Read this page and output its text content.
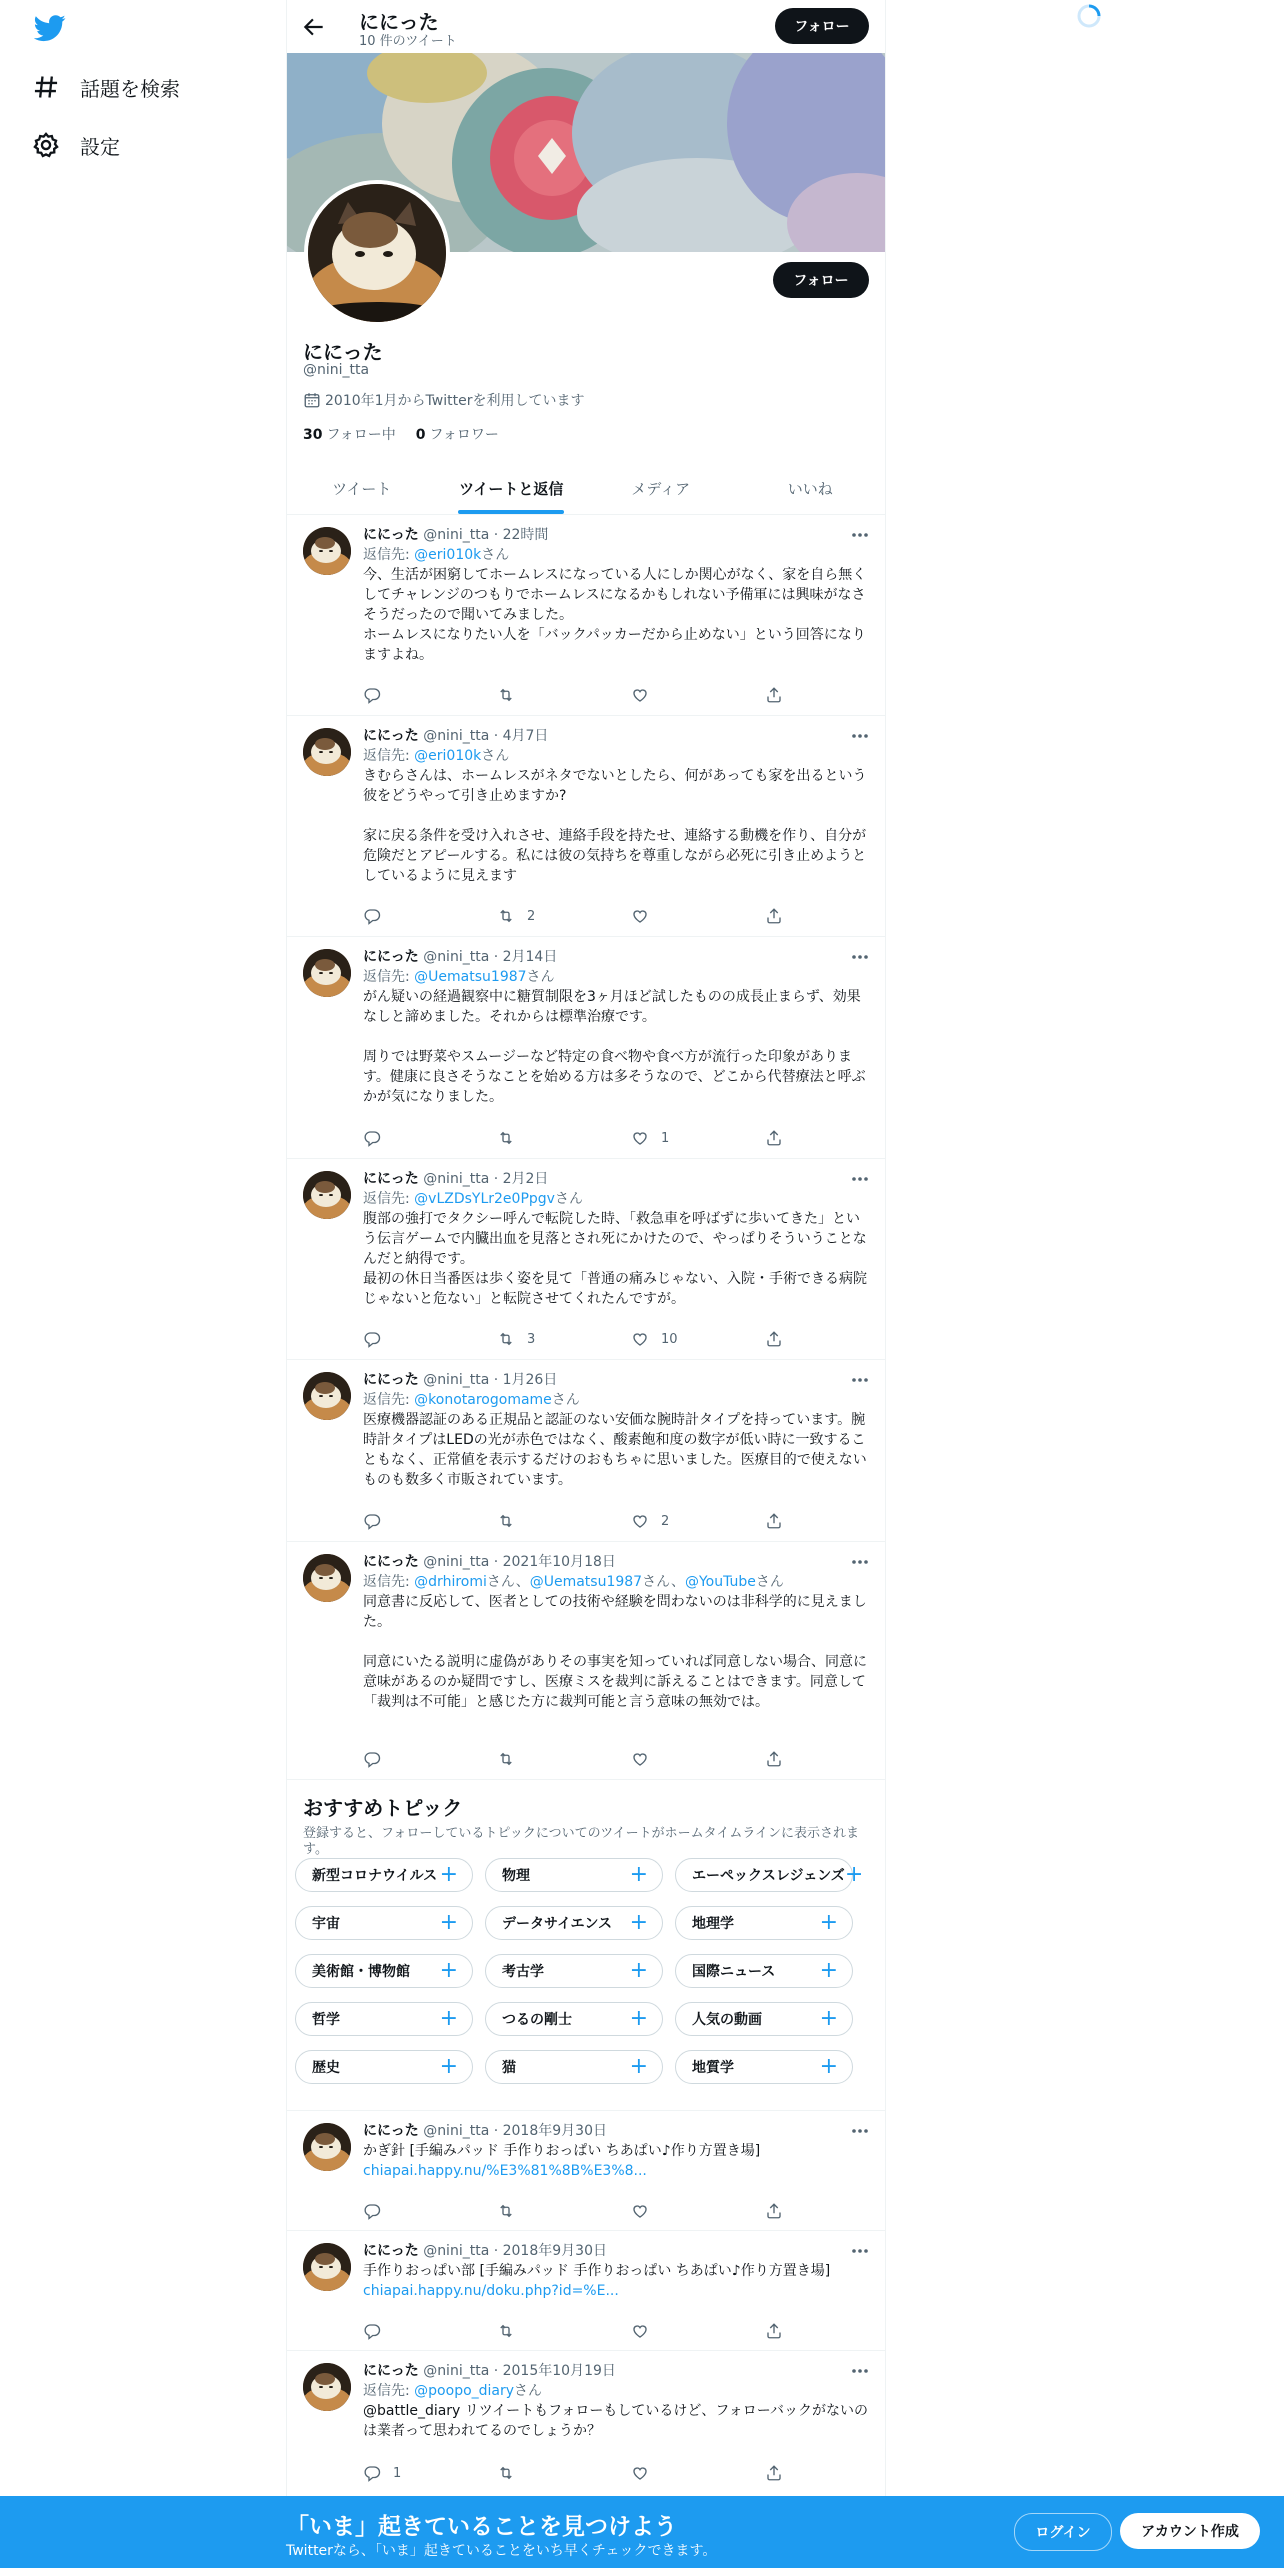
話題を検索
設定
ににった
10 件のツイート
フォロー
フォロー
ににった
@nini_tta
2010年1月からTwitterを利用しています
30 フォロー中 0 フォロワー
ツイート	ツイートと返信	メディア	いいね
ににった @nini_tta · 22時間
返信先: @eri010kさん
今、生活が困窮してホームレスになっている人にしか関心がなく、家を自ら無くしてチャレンジのつもりでホームレスになるかもしれない予備軍には興味がなさそうだったので聞いてみました。
ホームレスになりたい人を「バックパッカーだから止めない」という回答になりますよね。
ににった @nini_tta · 4月7日
返信先: @eri010kさん
きむらさんは、ホームレスがネタでないとしたら、何があっても家を出るという彼をどうやって引き止めますか?

家に戻る条件を受け入れさせ、連絡手段を持たせ、連絡する動機を作り、自分が危険だとアピールする。私には彼の気持ちを尊重しながら必死に引き止めようとしているように見えます
2
ににった @nini_tta · 2月14日
返信先: @Uematsu1987さん
がん疑いの経過観察中に糖質制限を3ヶ月ほど試したものの成長止まらず、効果なしと諦めました。それからは標準治療です。

周りでは野菜やスムージーなど特定の食べ物や食べ方が流行った印象があります。健康に良さそうなことを始める方は多そうなので、どこから代替療法と呼ぶかが気になりました。
1
ににった @nini_tta · 2月2日
返信先: @vLZDsYLr2e0Ppgvさん
腹部の強打でタクシー呼んで転院した時、「救急車を呼ばずに歩いてきた」という伝言ゲームで内臓出血を見落とされ死にかけたので、やっぱりそういうことなんだと納得です。
最初の休日当番医は歩く姿を見て「普通の痛みじゃない、入院・手術できる病院じゃないと危ない」と転院させてくれたんですが。
3	10
ににった @nini_tta · 1月26日
返信先: @konotarogomameさん
医療機器認証のある正規品と認証のない安価な腕時計タイプを持っています。腕時計タイプはLEDの光が赤色ではなく、酸素飽和度の数字が低い時に一致することもなく、正常値を表示するだけのおもちゃに思いました。医療目的で使えないものも数多く市販されています。
2
ににった @nini_tta · 2021年10月18日
返信先: @drhiromiさん、@Uematsu1987さん、@YouTubeさん
同意書に反応して、医者としての技術や経験を問わないのは非科学的に見えました。

同意にいたる説明に虚偽がありその事実を知っていれば同意しない場合、同意に意味があるのか疑問ですし、医療ミスを裁判に訴えることはできます。同意して「裁判は不可能」と感じた方に裁判可能と言う意味の無効では。
おすすめトピック
登録すると、フォローしているトピックについてのツイートがホームタイムラインに表示されます。
新型コロナウイルス +	物理	+	エーペックスレジェンズ +
宇宙	+	データサイエンス +	地理学	+
美術館・博物館 +	考古学	+	国際ニュース +
哲学	+	つるの剛士	+	人気の動画	+
歴史	+	猫	+	地質学	+
ににった @nini_tta · 2018年9月30日
かぎ針 [手編みパッド 手作りおっぱい ちあぱい♪作り方置き場]
chiapai.happy.nu/%E3%81%8B%E3%8...
ににった @nini_tta · 2018年9月30日
手作りおっぱい部 [手編みパッド 手作りおっぱい ちあぱい♪作り方置き場]
chiapai.happy.nu/doku.php?id=%E...
ににった @nini_tta · 2015年10月19日
返信先: @poopo_diaryさん
@battle_diary リツイートもフォローもしているけど、フォローバックがないのは業者って思われてるのでしょうか？
1
「いま」起きていることを見つけよう
Twitterなら、「いま」起きていることをいち早くチェックできます。
ログイン	アカウント作成
